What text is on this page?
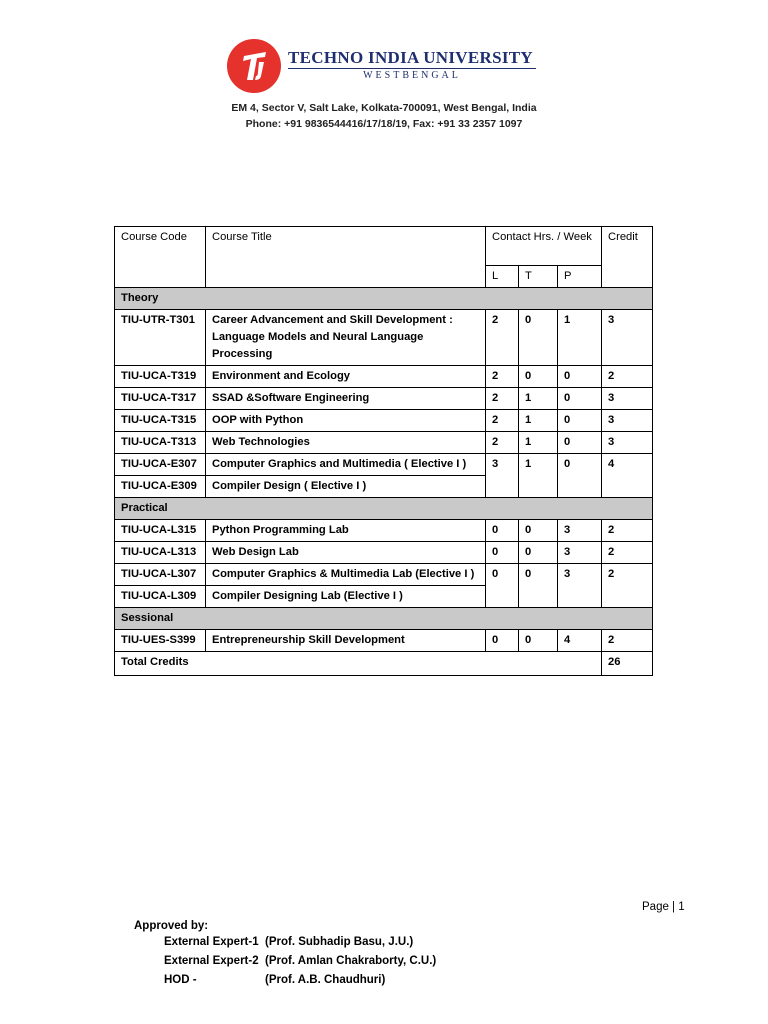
TECHNO INDIA UNIVERSITY
WESTBENGAL
EM 4, Sector V, Salt Lake, Kolkata-700091, West Bengal, India
Phone: +91 9836544416/17/18/19, Fax: +91 33 2357 1097
Course Code	Course Title	Contact Hrs. / Week			Credit
		L	T	P	
Theory					
TIU-UTR-T301	Career Advancement and Skill Development : Language Models and Neural Language Processing	2	0	1	3
TIU-UCA-T319	Environment and Ecology	2	0	0	2
TIU-UCA-T317	SSAD &Software Engineering	2	1	0	3
TIU-UCA-T315	OOP with Python	2	1	0	3
TIU-UCA-T313	Web Technologies	2	1	0	3
TIU-UCA-E307	Computer Graphics and Multimedia ( Elective I )	3	1	0	4
TIU-UCA-E309	Compiler Design ( Elective I )				
Practical					
TIU-UCA-L315	Python Programming Lab	0	0	3	2
TIU-UCA-L313	Web Design Lab	0	0	3	2
TIU-UCA-L307	Computer Graphics & Multimedia Lab (Elective I )	0	0	3	2
TIU-UCA-L309	Compiler Designing Lab (Elective I )				
Sessional					
TIU-UES-S399	Entrepreneurship Skill Development	0	0	4	2
Total Credits					26
Page | 1
Approved by:
External Expert-1 (Prof. Subhadip Basu, J.U.)
External Expert-2 (Prof. Amlan Chakraborty, C.U.)
HOD -	(Prof. A.B. Chaudhuri)
